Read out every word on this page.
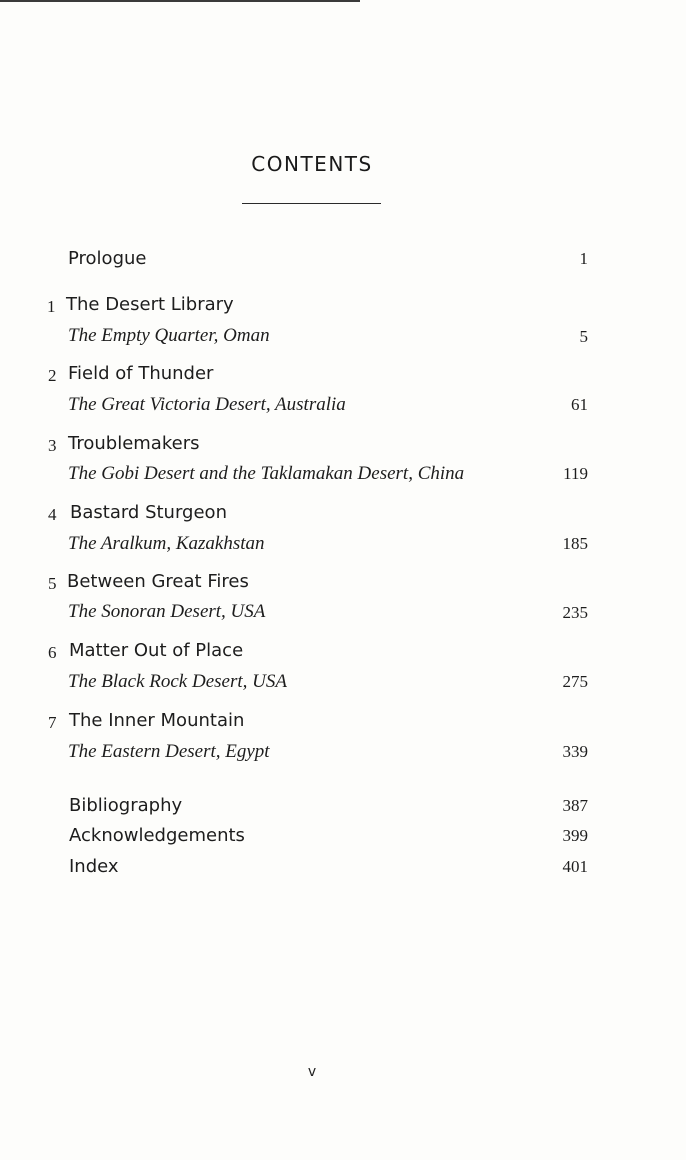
CONTENTS
Prologue	1
1 The Desert Library
The Empty Quarter, Oman	5
2 Field of Thunder
The Great Victoria Desert, Australia	61
3 Troublemakers
The Gobi Desert and the Taklamakan Desert, China	119
4 Bastard Sturgeon
The Aralkum, Kazakhstan	185
5 Between Great Fires
The Sonoran Desert, USA	235
6 Matter Out of Place
The Black Rock Desert, USA	275
7 The Inner Mountain
The Eastern Desert, Egypt	339
Bibliography	387
Acknowledgements	399
Index	401
v
